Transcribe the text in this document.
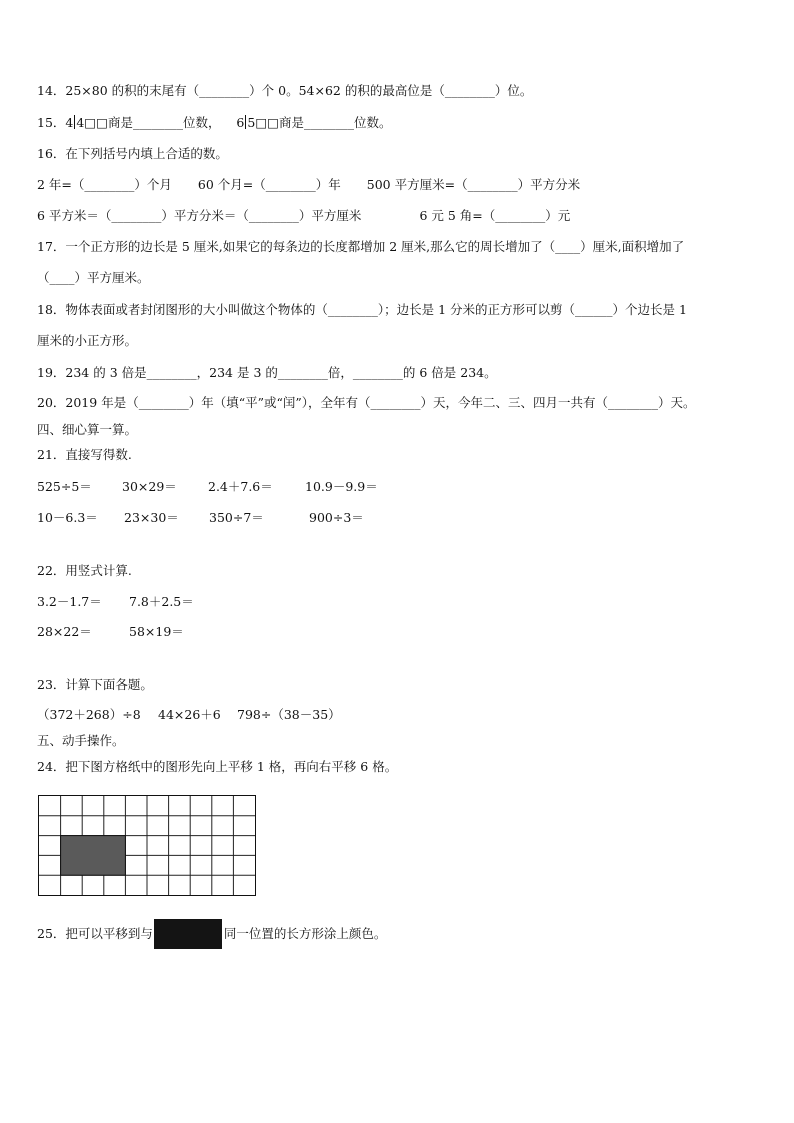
14．25×80 的积的末尾有（________）个 0。54×62 的积的最高位是（________）位。
15．4 4□□商是________位数， 6 5□□商是________位数。
16．在下列括号内填上合适的数。
2 年=（________）个月 60 个月=（________）年 500 平方厘米=（________）平方分米
6 平方米＝（________）平方分米＝（________）平方厘米	6 元 5 角=（________）元
17．一个正方形的边长是 5 厘米,如果它的每条边的长度都增加 2 厘米,那么它的周长增加了（____）厘米,面积增加了
（____）平方厘米。
18．物体表面或者封闭图形的大小叫做这个物体的（________）；边长是 1 分米的正方形可以剪（______）个边长是 1
厘米的小正方形。
19．234 的 3 倍是________，234 是 3 的________倍，________的 6 倍是 234。
20．2019 年是（________）年（填“平”或“闰”），全年有（________）天，今年二、三、四月一共有（________）天。
四、细心算一算。
21．直接写得数.
525÷5＝ 30×29＝ 2.4＋7.6＝	10.9－9.9＝
10－6.3＝ 23×30＝ 350÷7＝	900÷3＝
22．用竖式计算.
3.2－1.7＝ 7.8＋2.5＝
28×22＝	58×19＝
23．计算下面各题。
（372＋268）÷8 44×26＋6 798÷（38－35）
五、动手操作。
24．把下图方格纸中的图形先向上平移 1 格，再向右平移 6 格。
25．把可以平移到与	同一位置的长方形涂上颜色。
